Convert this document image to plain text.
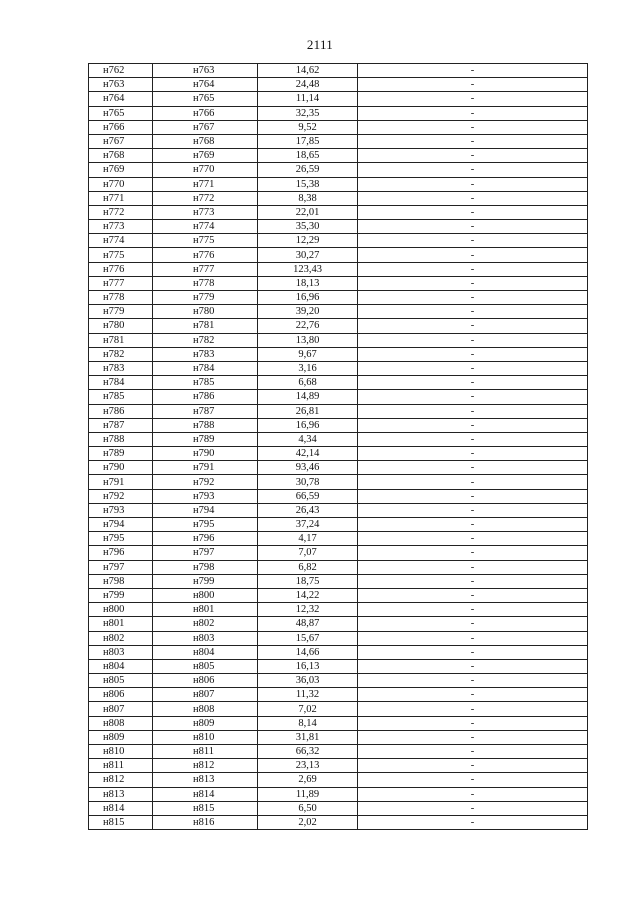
2111
н762	н763	14,62	-
н763	н764	24,48	-
н764	н765	11,14	-
н765	н766	32,35	-
н766	н767	9,52	-
н767	н768	17,85	-
н768	н769	18,65	-
н769	н770	26,59	-
н770	н771	15,38	-
н771	н772	8,38	-
н772	н773	22,01	-
н773	н774	35,30	-
н774	н775	12,29	-
н775	н776	30,27	-
н776	н777	123,43	-
н777	н778	18,13	-
н778	н779	16,96	-
н779	н780	39,20	-
н780	н781	22,76	-
н781	н782	13,80	-
н782	н783	9,67	-
н783	н784	3,16	-
н784	н785	6,68	-
н785	н786	14,89	-
н786	н787	26,81	-
н787	н788	16,96	-
н788	н789	4,34	-
н789	н790	42,14	-
н790	н791	93,46	-
н791	н792	30,78	-
н792	н793	66,59	-
н793	н794	26,43	-
н794	н795	37,24	-
н795	н796	4,17	-
н796	н797	7,07	-
н797	н798	6,82	-
н798	н799	18,75	-
н799	н800	14,22	-
н800	н801	12,32	-
н801	н802	48,87	-
н802	н803	15,67	-
н803	н804	14,66	-
н804	н805	16,13	-
н805	н806	36,03	-
н806	н807	11,32	-
н807	н808	7,02	-
н808	н809	8,14	-
н809	н810	31,81	-
н810	н811	66,32	-
н811	н812	23,13	-
н812	н813	2,69	-
н813	н814	11,89	-
н814	н815	6,50	-
н815	н816	2,02	-
